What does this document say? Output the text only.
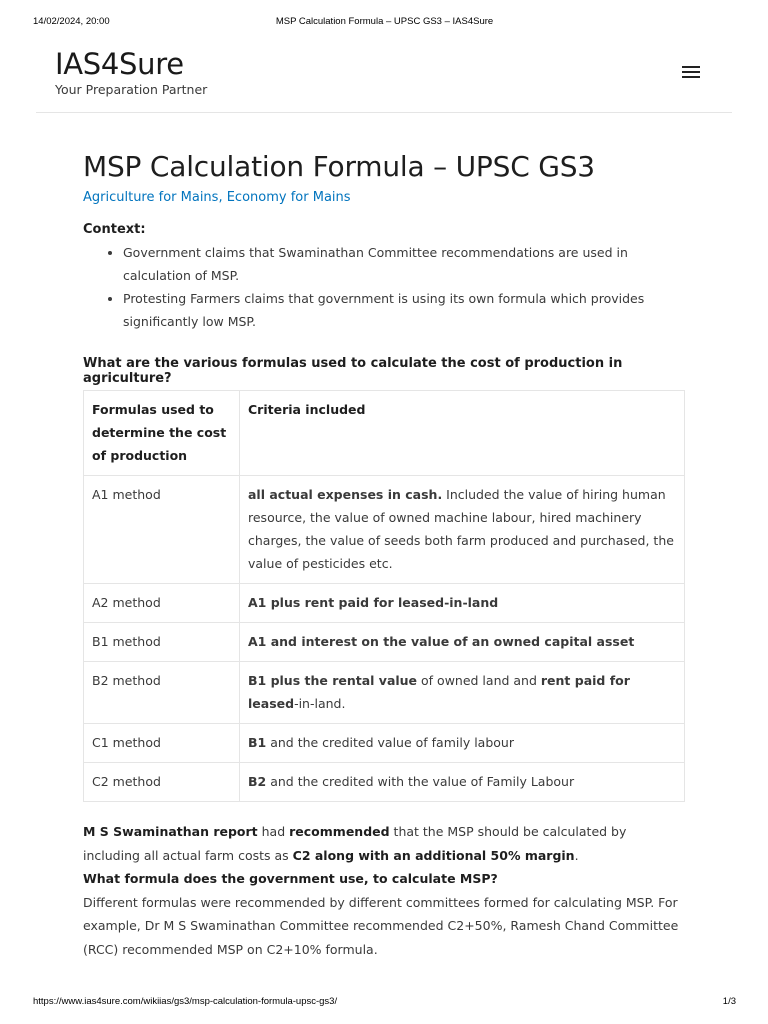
14/02/2024, 20:00	MSP Calculation Formula – UPSC GS3 – IAS4Sure
IAS4Sure
Your Preparation Partner
MSP Calculation Formula – UPSC GS3
Agriculture for Mains, Economy for Mains
Context:
• Government claims that Swaminathan Committee recommendations are used in calculation of MSP.
• Protesting Farmers claims that government is using its own formula which provides significantly low MSP.
What are the various formulas used to calculate the cost of production in agriculture?
Formulas used to determine the cost of production	Criteria included
A1 method	all actual expenses in cash. Included the value of hiring human resource, the value of owned machine labour, hired machinery charges, the value of seeds both farm produced and purchased, the value of pesticides etc.
A2 method	A1 plus rent paid for leased-in-land
B1 method	A1 and interest on the value of an owned capital asset
B2 method	B1 plus the rental value of owned land and rent paid for leased-in-land.
C1 method	B1 and the credited value of family labour
C2 method	B2 and the credited with the value of Family Labour
M S Swaminathan report had recommended that the MSP should be calculated by including all actual farm costs as C2 along with an additional 50% margin.
What formula does the government use, to calculate MSP?
Different formulas were recommended by different committees formed for calculating MSP. For example, Dr M S Swaminathan Committee recommended C2+50%, Ramesh Chand Committee (RCC) recommended MSP on C2+10% formula.
https://www.ias4sure.com/wikiias/gs3/msp-calculation-formula-upsc-gs3/	1/3
